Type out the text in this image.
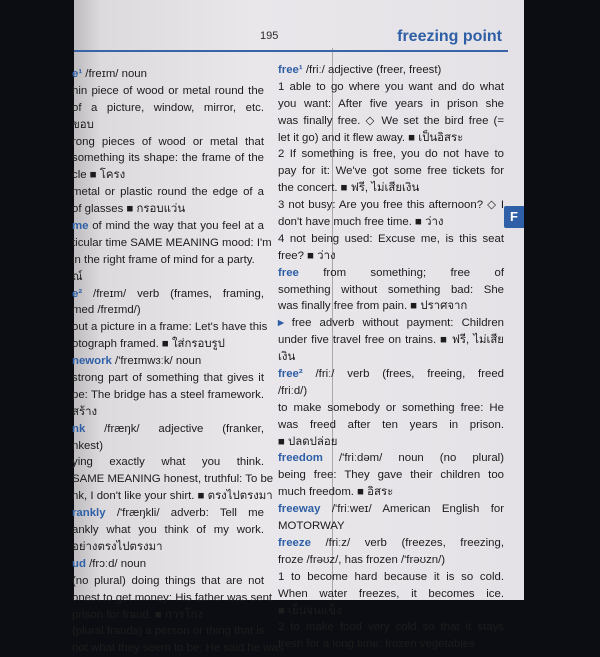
195	freezing point
e¹ /freɪm/ noun
hin piece of wood or metal round the
of a picture, window, mirror, etc.
ขอบ
rong pieces of wood or metal that
something its shape: the frame of the
cle ■ โครง
metal or plastic round the edge of a
of glasses ■ กรอบแว่น
me of mind the way that you feel at a
ticular time SAME MEANING mood: I'm
in the right frame of mind for a party.
ณ์
e² /freɪm/ verb (frames, framing,
med /freɪmd/)
out a picture in a frame: Let's have this
otograph framed. ■ ใส่กรอบรูป
nework /'freɪmwɜːk/ noun
strong part of something that gives it
pe: The bridge has a steel framework.
สร้าง
nk /fræŋk/ adjective (franker,
nkest)
ying exactly what you think.
SAME MEANING honest, truthful: To be
nk, I don't like your shirt. ■ ตรงไปตรงมา
rankly /'fræŋkli/ adverb: Tell me
ankly what you think of my work.
อย่างตรงไปตรงมา
ud /frɔːd/ noun
(no plural) doing things that are not
onest to get money: His father was sent
prison for fraud. ■ การโกง
(plural frauds) a person or thing that is
not what they seem to be: He said he was
free¹ /friː/ adjective (freer, freest)
1 able to go where you want and do what
you want: After five years in prison she
was finally free. ◇ We set the bird free (=
let it go) and it flew away. ■ เป็นอิสระ
2 If something is free, you do not have to
pay for it: We've got some free tickets for
the concert. ■ ฟรี, ไม่เสียเงิน
3 not busy: Are you free this afternoon? ◇ I
don't have much free time. ■ ว่าง
4 not being used: Excuse me, is this seat
free? ■ ว่าง
free from something; free of
something without something bad: She
was finally free from pain. ■ ปราศจาก
▸ free adverb without payment: Children
under five travel free on trains. ■ ฟรี, ไม่เสีย
เงิน
free² /friː/ verb (frees, freeing, freed
/friːd/)
to make somebody or something free: He
was freed after ten years in prison.
■ ปลดปล่อย
freedom /'friːdəm/ noun (no plural)
being free: They gave their children too
much freedom. ■ อิสระ
freeway /'friːweɪ/ American English for
MOTORWAY
freeze /friːz/ verb (freezes, freezing,
froze /frəʊz/, has frozen /'frəʊzn/)
1 to become hard because it is so cold.
When water freezes, it becomes ice.
■ เย็นจนแข็ง
2 to make food very cold so that it stays
fresh for a long time: frozen vegetables
F
